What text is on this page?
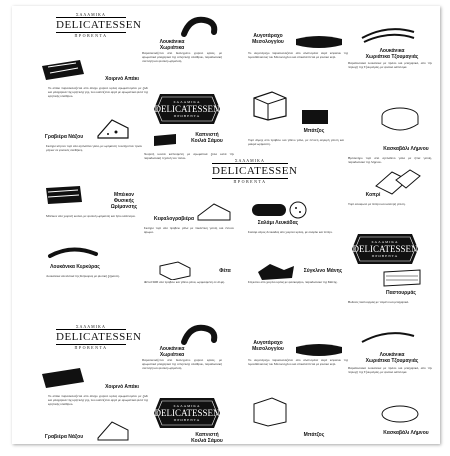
ΣΑΛΑΜΙΚΑ
DELICATESSEN
ΠΡΟΒΕΝΤΑ
Χοιρινό Απάκι
Το απάκι παρασκευάζεται από άπαχο χοιρινό κρέας αρωματισμένο με ξύδι και μπαχαρικά της κρητικής γης, που καπνίζεται αργά με αρωματικά φυτά της κρητικής υπαίθρου.
Λουκάνικα
Χωριάτικα
Παρασκευάζεται από διαλεγμένο χοιρινό κρέας, με αρωματικά μπαχαρικά της ελληνικής υπαίθρου, παραδοσιακή συνταγή και φυσική ωρίμανση.
Αυγοτάραχο
Μεσολογγίου
Το αυγοτάραχο παρασκευάζεται από αλατισμένα αυγά κέφαλου της λιμνοθάλασσας του Μεσολογγίου και επικαλύπτεται με φυσικό κερί.
Λουκάνικα
Χωριάτικα Τζουμαγιάς
Παραδοσιακά λουκάνικα με πράσο και μπαχαρικά, από την περιοχή της Τζουμαγιάς, με φυσικό κάπνισμα.
Γραβιέρα Νάξου
Σκληρό κίτρινο τυρί από αγελαδινό γάλα, με ωρίμανση τουλάχιστον τριών μηνών σε φυσικές συνθήκες.
ΣΑΛΑΜΙΚΑ
DELICATESSEN
ΠΡΟΒΕΝΤΑ
Μπάτζος
Τυρί άλμης από πρόβειο και γίδινο γάλα, με έντονη αλμυρή γεύση και μακρά ωρίμανση.
Κασκαβάλι Λήμνου
Ημίσκληρο τυρί από αγελαδινό γάλα με ήπια γεύση, παραδοσιακό της Λήμνου.
Καπνιστή
Κοιλιά Σάμου
Χοιρινή κοιλιά καπνισμένη με αρωματικά ξύλα κατά την παραδοσιακή τεχνική του τόπου.	ΣΑΛΑΜΙΚΑ
DELICATESSEN
ΠΡΟΒΕΝΤΑ
Μπέικον
Φυσικής
Ωρίμανσης
Μπέικον από χοιρινή κοιλιά, με φυσική ωρίμανση και ήπιο κάπνισμα.
Κοπρί
Τυρί αλοιφωτό με πιπέρι και καυτερή γεύση.
Κεφαλογραβιέρα
Σκληρό τυρί από πρόβειο γάλα με πικάντικη γεύση και έντονο άρωμα.
Σαλάμι Λευκάδας
Σαλάμι αέρος Λευκάδας από χοιρινό κρέας, με σκόρδο και πιπέρι.
ΣΑΛΑΜΙΚΑ
DELICATESSEN
ΠΡΟΒΕΝΤΑ
Λουκάνικα Κερκύρας
Λουκάνικα αλλαντικά της Κέρκυρας με φυσική ξήρανση.
Φέτα
Φέτα ΠΟΠ από πρόβειο και γίδινο γάλα, ωριμασμένη σε άλμη.
Σύγκλινο Μάνης
Σύγκλινο από χοιρινό κρέας με φασκόμηλο, παραδοσιακό της Μάνης.
Παστουρμάς
Βοδινός παστουρμάς με τσιμένι και μπαχαρικά.
ΣΑΛΑΜΙΚΑ
DELICATESSEN
ΠΡΟΒΕΝΤΑ
Χοιρινό Απάκι
Το απάκι παρασκευάζεται από άπαχο χοιρινό κρέας αρωματισμένο με ξύδι και μπαχαρικά της κρητικής γης, που καπνίζεται αργά με αρωματικά φυτά της κρητικής υπαίθρου.
Λουκάνικα
Χωριάτικα
Παρασκευάζεται από διαλεγμένο χοιρινό κρέας, με αρωματικά μπαχαρικά της ελληνικής υπαίθρου, παραδοσιακή συνταγή και φυσική ωρίμανση.
Αυγοτάραχο
Μεσολογγίου
Το αυγοτάραχο παρασκευάζεται από αλατισμένα αυγά κέφαλου της λιμνοθάλασσας του Μεσολογγίου και επικαλύπτεται με φυσικό κερί.
Λουκάνικα
Χωριάτικα Τζουμαγιάς
Παραδοσιακά λουκάνικα με πράσο και μπαχαρικά, από την περιοχή της Τζουμαγιάς, με φυσικό κάπνισμα.
ΣΑΛΑΜΙΚΑ
DELICATESSEN
ΠΡΟΒΕΝΤΑ
Μπάτζος	Κασκαβάλι Λήμνου
Γραβιέρα Νάξου	Καπνιστή
Κοιλιά Σάμου
